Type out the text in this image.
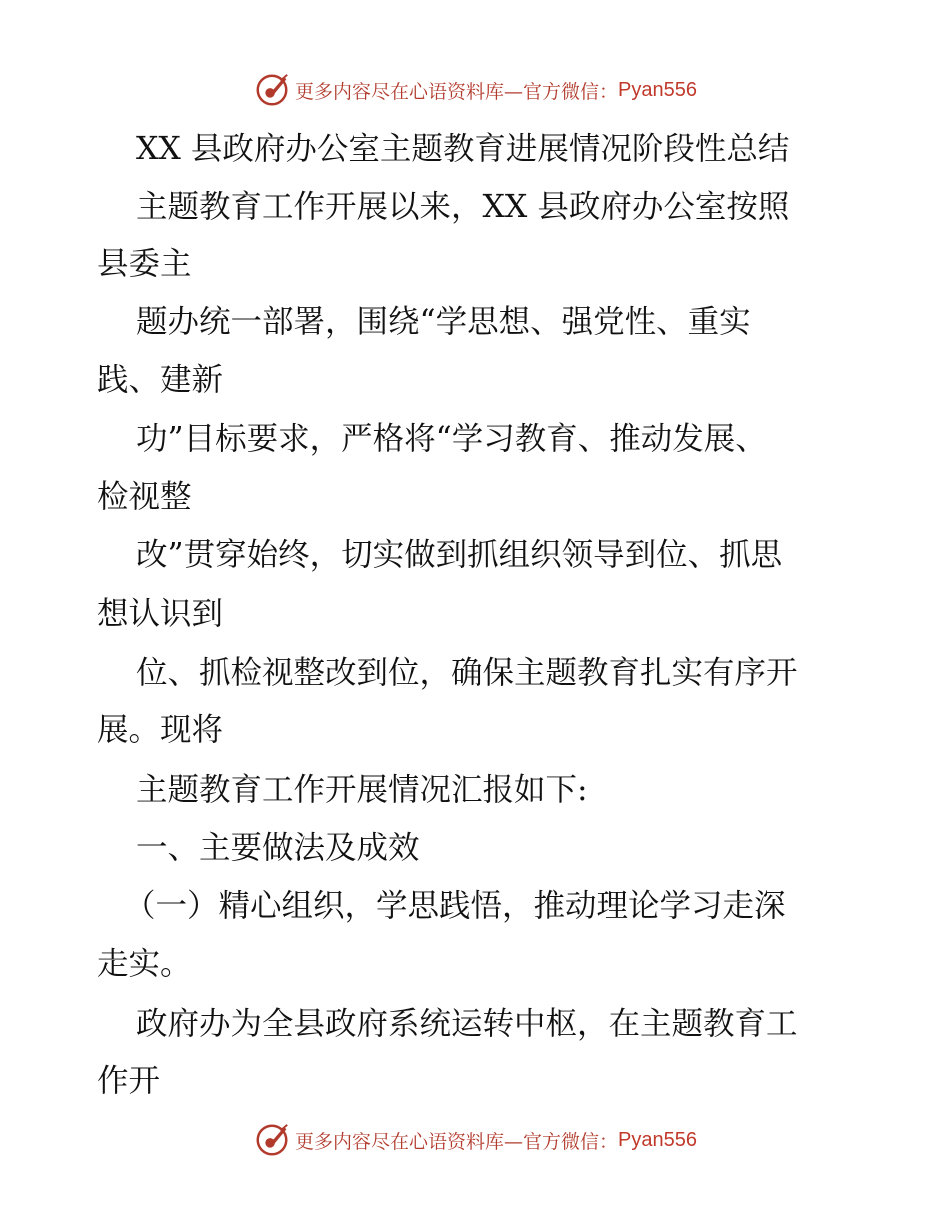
更多内容尽在心语资料库—官方微信： Pyan556
XX 县政府办公室主题教育进展情况阶段性总结
主题教育工作开展以来，XX 县政府办公室按照
县委主
题办统一部署，围绕“学思想、强党性、重实
践、建新
功”目标要求，严格将“学习教育、推动发展、
检视整
改”贯穿始终，切实做到抓组织领导到位、抓思
想认识到
位、抓检视整改到位，确保主题教育扎实有序开
展。现将
主题教育工作开展情况汇报如下:
一、主要做法及成效
（一）精心组织，学思践悟，推动理论学习走深
走实。
政府办为全县政府系统运转中枢，在主题教育工
作开
更多内容尽在心语资料库—官方微信： Pyan556
